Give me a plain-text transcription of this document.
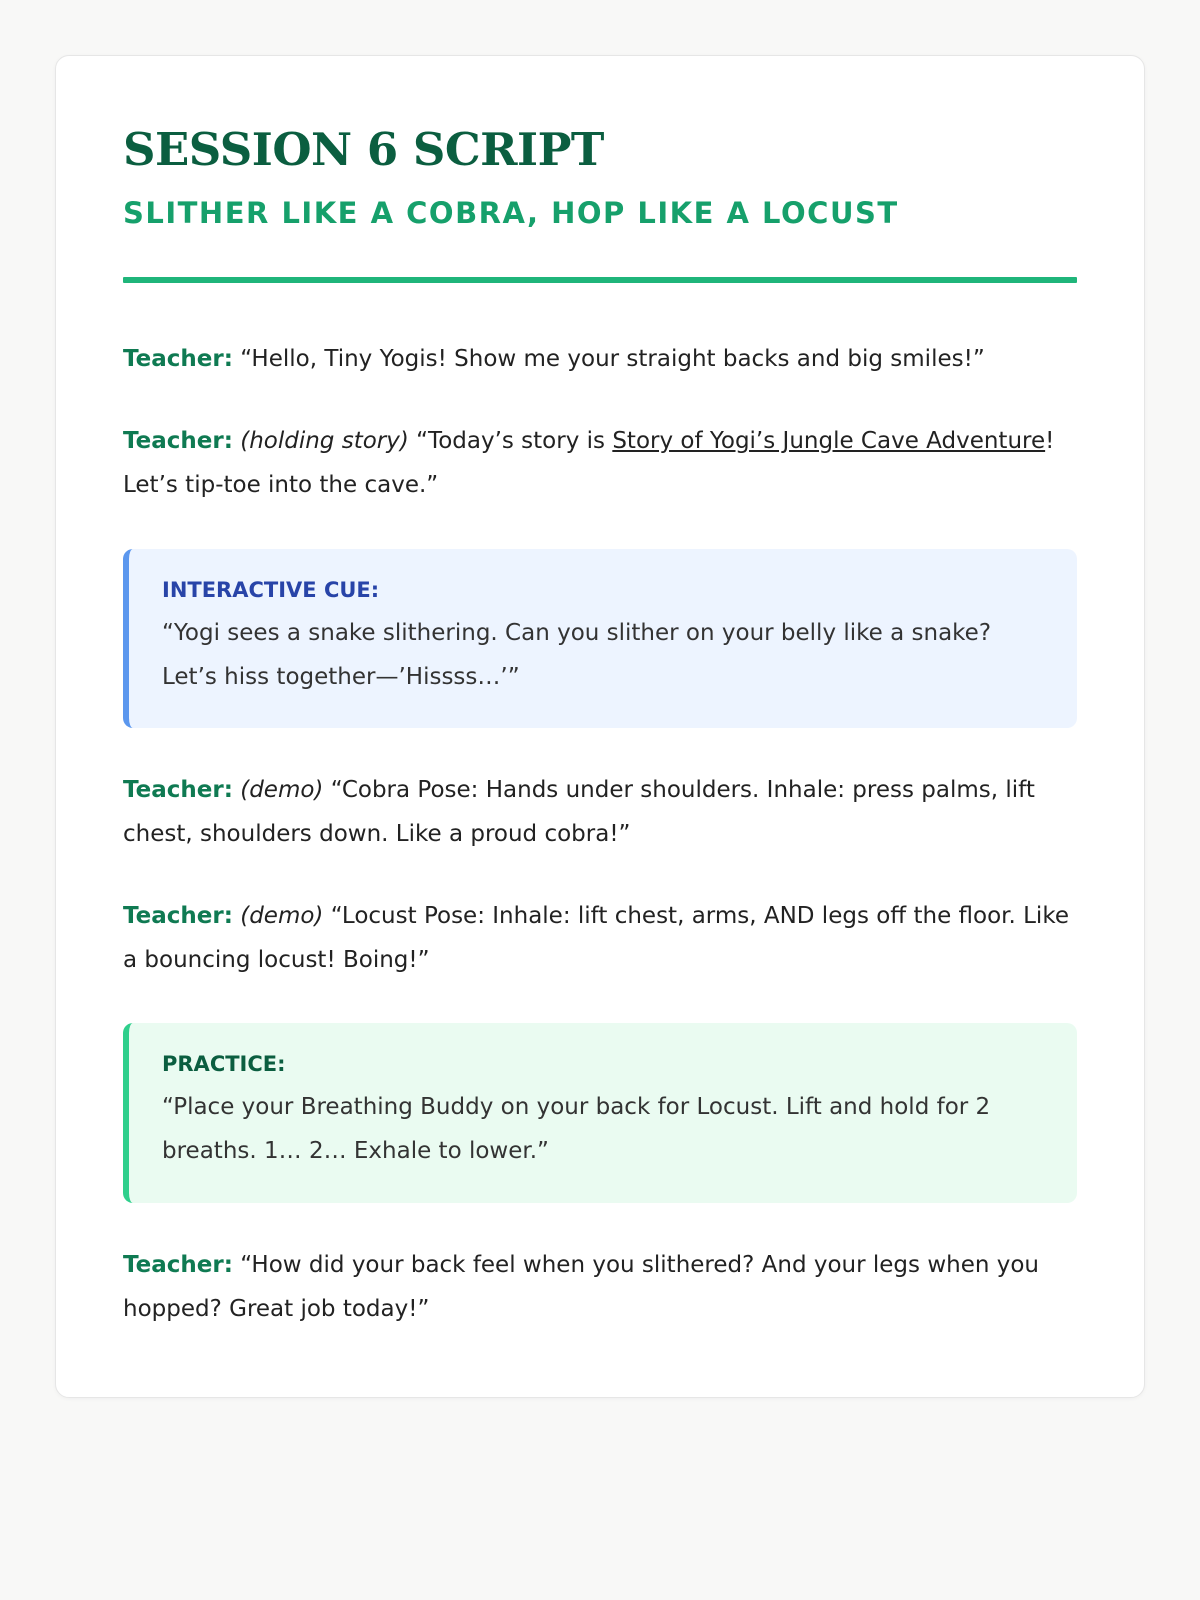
SESSION 6 SCRIPT
SLITHER LIKE A COBRA, HOP LIKE A LOCUST

Teacher: “Hello, Tiny Yogis! Show me your straight backs and big smiles!”

Teacher: (holding story) “Today’s story is Story of Yogi’s Jungle Cave Adventure! Let’s tip-toe into the cave.”

INTERACTIVE CUE:

“Yogi sees a snake slithering. Can you slither on your belly like a snake? Let’s hiss together—’Hissss…’”

Teacher: (demo) “Cobra Pose: Hands under shoulders. Inhale: press palms, lift chest, shoulders down. Like a proud cobra!”

Teacher: (demo) “Locust Pose: Inhale: lift chest, arms, AND legs off the floor. Like a bouncing locust! Boing!”

PRACTICE:

“Place your Breathing Buddy on your back for Locust. Lift and hold for 2 breaths. 1… 2… Exhale to lower.”

Teacher: “How did your back feel when you slithered? And your legs when you hopped? Great job today!”
